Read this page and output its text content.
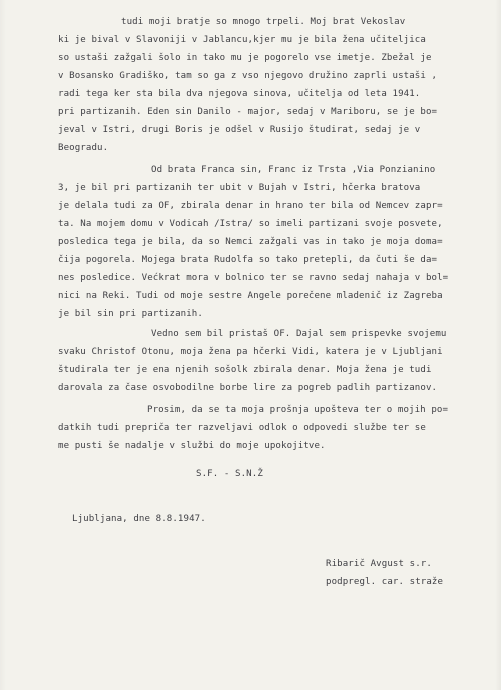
tudi moji bratje so mnogo trpeli. Moj brat Vekoslav
ki je bival v Slavoniji v Jablancu,kjer mu je bila žena učiteljica
so ustaši zažgali šolo in tako mu je pogorelo vse imetje. Zbežal je
v Bosansko Gradiško, tam so ga z vso njegovo družino zaprli ustaši ,
radi tega ker sta bila dva njegova sinova, učitelja od leta 1941.
pri partizanih. Eden sin Danilo - major, sedaj v Mariboru, se je bo=
jeval v Istri, drugi Boris je odšel v Rusijo študirat, sedaj je v
Beogradu.
Od brata Franca sin, Franc iz Trsta ,Via Ponzianino
3, je bil pri partizanih ter ubit v Bujah v Istri, hčerka bratova
je delala tudi za OF, zbirala denar in hrano ter bila od Nemcev zapr=
ta. Na mojem domu v Vodicah /Istra/ so imeli partizani svoje posvete,
posledica tega je bila, da so Nemci zažgali vas in tako je moja doma=
čija pogorela. Mojega brata Rudolfa so tako pretepli, da čuti še da=
nes posledice. Većkrat mora v bolnico ter se ravno sedaj nahaja v bol=
nici na Reki. Tudi od moje sestre Angele porečene mladenič iz Zagreba
je bil sin pri partizanih.
Vedno sem bil pristaš OF. Dajal sem prispevke svojemu
svaku Christof Otonu, moja žena pa hčerki Vidi, katera je v Ljubljani
študirala ter je ena njenih sošolk zbirala denar. Moja žena je tudi
darovala za čase osvobodilne borbe lire za pogreb padlih partizanov.
Prosim, da se ta moja prošnja upošteva ter o mojih po=
datkih tudi prepriča ter razveljavi odlok o odpovedi službe ter se
me pusti še nadalje v službi do moje upokojitve.
S.F. - S.N.Ž
Ljubljana, dne 8.8.1947.
Ribarič Avgust s.r.
podpregl. car. straže
